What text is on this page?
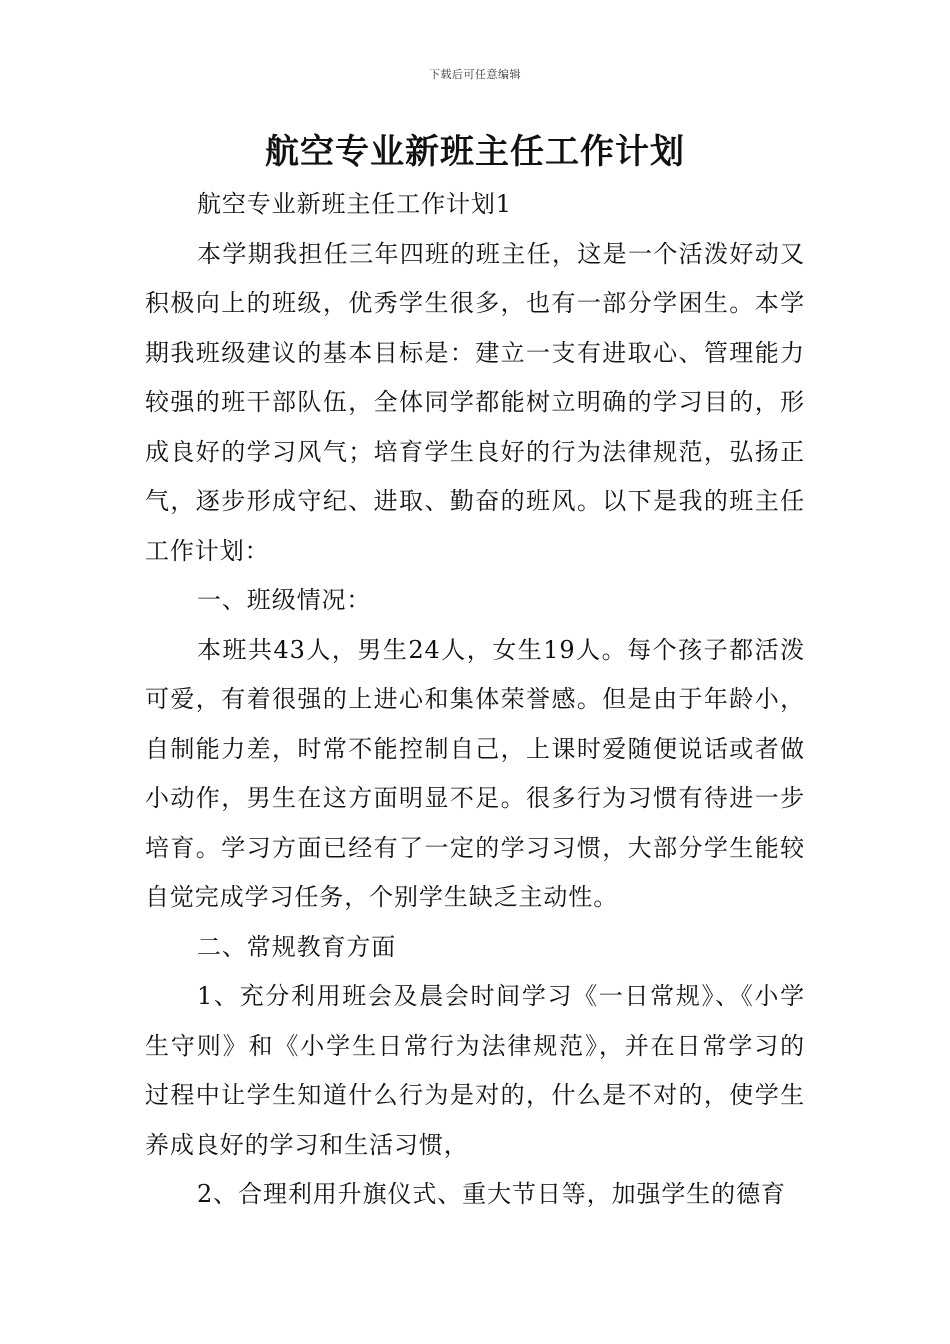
下载后可任意编辑
航空专业新班主任工作计划

航空专业新班主任工作计划1

本学期我担任三年四班的班主任，这是一个活泼好动又积极向上的班级，优秀学生很多，也有一部分学困生。本学期我班级建议的基本目标是：建立一支有进取心、管理能力较强的班干部队伍，全体同学都能树立明确的学习目的，形成良好的学习风气；培育学生良好的行为法律规范，弘扬正气，逐步形成守纪、进取、勤奋的班风。以下是我的班主任工作计划：

一、班级情况：

本班共43人，男生24人，女生19人。每个孩子都活泼可爱，有着很强的上进心和集体荣誉感。但是由于年龄小，自制能力差，时常不能控制自己，上课时爱随便说话或者做小动作，男生在这方面明显不足。很多行为习惯有待进一步培育。学习方面已经有了一定的学习习惯，大部分学生能较自觉完成学习任务，个别学生缺乏主动性。

二、常规教育方面

1、充分利用班会及晨会时间学习《一日常规》、《小学生守则》和《小学生日常行为法律规范》，并在日常学习的过程中让学生知道什么行为是对的，什么是不对的，使学生养成良好的学习和生活习惯，

2、合理利用升旗仪式、重大节日等，加强学生的德育
